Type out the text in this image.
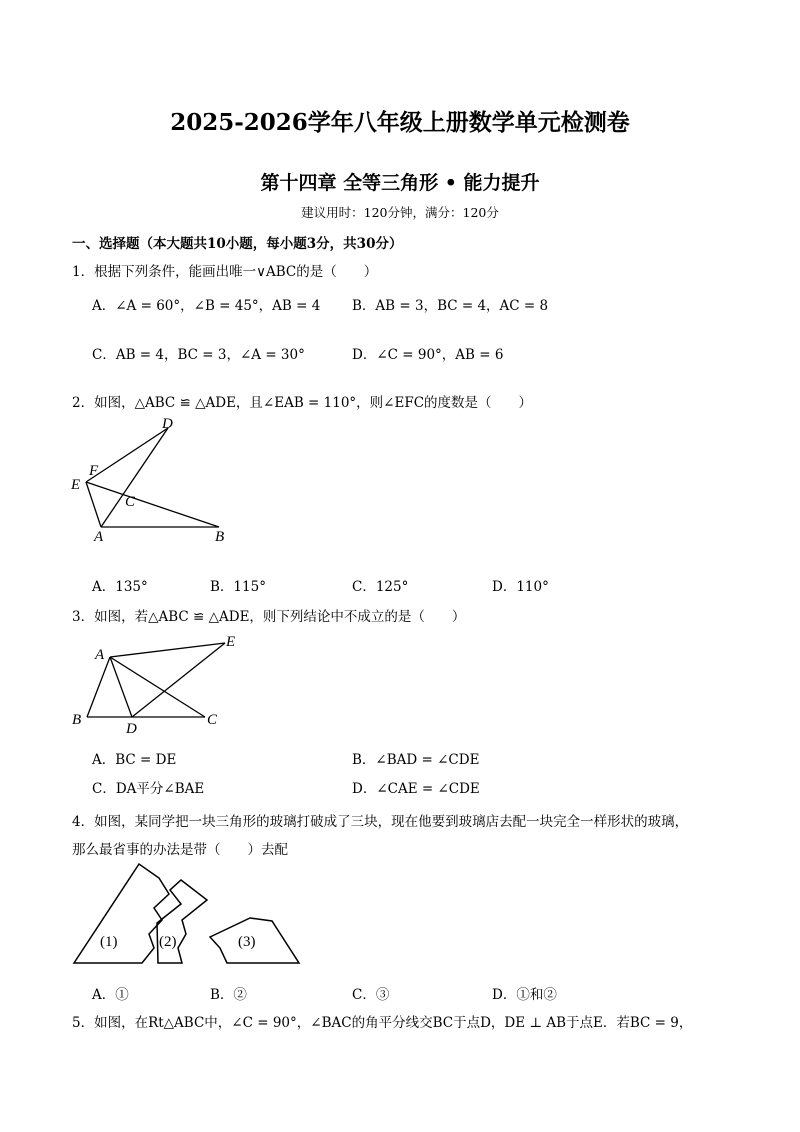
2025-2026学年八年级上册数学单元检测卷
第十四章 全等三角形 • 能力提升
建议用时：120分钟，满分：120分
一、选择题（本大题共10小题，每小题3分，共30分）
1．根据下列条件，能画出唯一∨ABC的是（　　）
A．∠A = 60°，∠B = 45°，AB = 4 B．AB = 3，BC = 4，AC = 8
C．AB = 4，BC = 3，∠A = 30°	D．∠C = 90°，AB = 6
2．如图，△ABC ≌ △ADE，且∠EAB = 110°，则∠EFC的度数是（　　）
D
F
E
C
A	B
A．135°	B．115°	C．125°	D．110°
3．如图，若△ABC ≌ △ADE，则下列结论中不成立的是（　　）
A
E
B
D
C
A．BC = DE	B．∠BAD = ∠CDE
C．DA平分∠BAE	D．∠CAE = ∠CDE
4．如图，某同学把一块三角形的玻璃打破成了三块，现在他要到玻璃店去配一块完全一样形状的玻璃，
那么最省事的办法是带（　　）去配
(1)	(2)	(3)
A．①	B．②	C．③	D．①和②
5．如图，在Rt△ABC中，∠C = 90°，∠BAC的角平分线交BC于点D，DE ⊥ AB于点E．若BC = 9，
